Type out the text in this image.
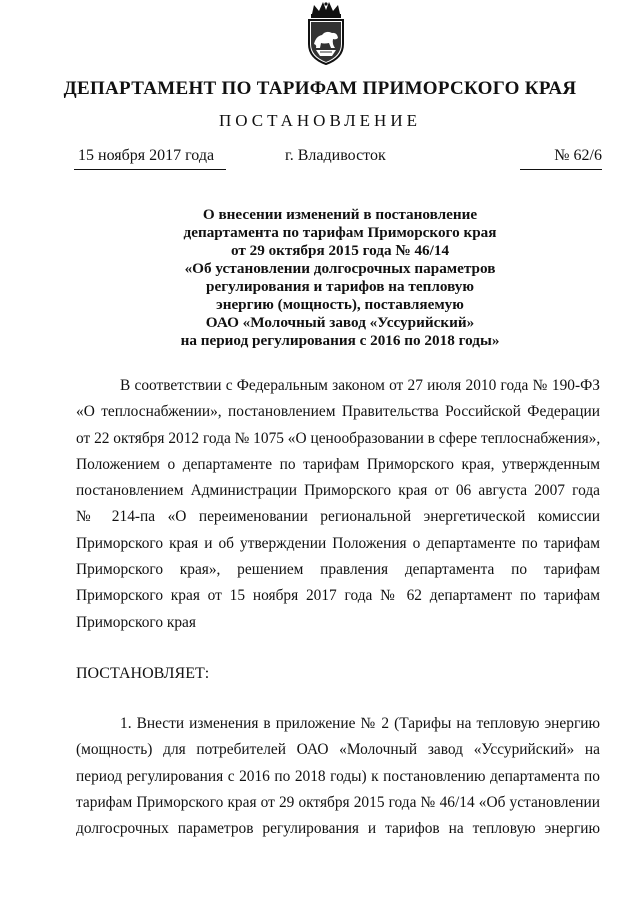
ДЕПАРТАМЕНТ ПО ТАРИФАМ ПРИМОРСКОГО КРАЯ
ПОСТАНОВЛЕНИЕ
15 ноября 2017 года	г. Владивосток	№ 62/6
О внесении изменений в постановление
департамента по тарифам Приморского края
от 29 октября 2015 года № 46/14
«Об установлении долгосрочных параметров
регулирования и тарифов на тепловую
энергию (мощность), поставляемую
ОАО «Молочный завод «Уссурийский»
на период регулирования с 2016 по 2018 годы»
В соответствии с Федеральным законом от 27 июля 2010 года № 190-ФЗ
«О теплоснабжении», постановлением Правительства Российской Федерации
от 22 октября 2012 года № 1075 «О ценообразовании в сфере теплоснабжения»,
Положением о департаменте по тарифам Приморского края, утвержденным
постановлением Администрации Приморского края от 06 августа 2007 года
№ 214-па «О переименовании региональной энергетической комиссии
Приморского края и об утверждении Положения о департаменте по тарифам
Приморского края», решением правления департамента по тарифам
Приморского края от 15 ноября 2017 года № 62 департамент по тарифам
Приморского края
ПОСТАНОВЛЯЕТ:
1. Внести изменения в приложение № 2 (Тарифы на тепловую энергию
(мощность) для потребителей ОАО «Молочный завод «Уссурийский» на
период регулирования с 2016 по 2018 годы) к постановлению департамента по
тарифам Приморского края от 29 октября 2015 года № 46/14 «Об установлении
долгосрочных параметров регулирования и тарифов на тепловую энергию
